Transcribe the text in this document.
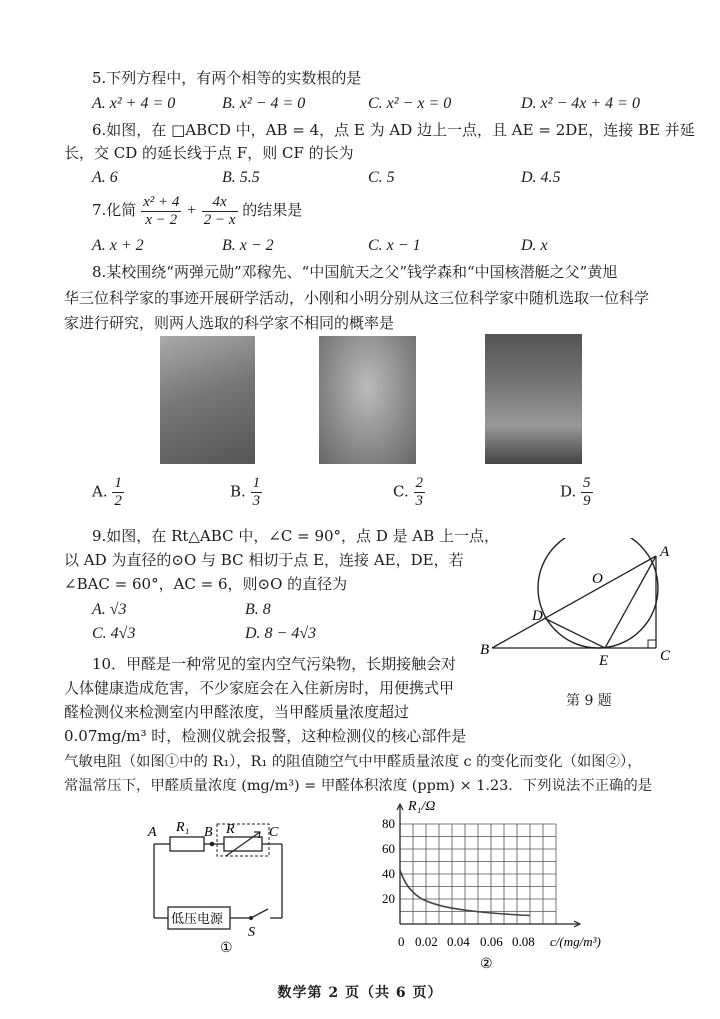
5.下列方程中，有两个相等的实数根的是
A. x² + 4 = 0	B. x² − 4 = 0	C. x² − x = 0	D. x² − 4x + 4 = 0
6.如图，在 □ABCD 中，AB = 4，点 E 为 AD 边上一点，且 AE = 2DE，连接 BE 并延
长，交 CD 的延长线于点 F，则 CF 的长为
A. 6	B. 5.5	C. 5	D. 4.5
7.化简 $\frac{\text{x² + 4}}{x - 2} + \frac{4x}{2 - x}$ 的结果是
A. x + 2	B. x − 2	C. x − 1	D. x
8.某校围绕“两弹元勋”邓稼先、“中国航天之父”钱学森和“中国核潜艇之父”黄旭
华三位科学家的事迹开展研学活动，小刚和小明分别从这三位科学家中随机选取一位科学
家进行研究，则两人选取的科学家不相同的概率是
A. $\frac{1}{2}$	B. $\frac{1}{3}$	C. $\frac{2}{3}$	D. $\frac{5}{9}$
9.如图，在 Rt△ABC 中，∠C = 90°，点 D 是 AB 上一点，
以 AD 为直径的⊙O 与 BC 相切于点 E，连接 AE，DE，若
∠BAC = 60°，AC = 6，则⊙O 的直径为
A. √3	B. 8
C. 4√3	D. 8 − 4√3
A
B	C
D
E
O
第 9 题
10．甲醛是一种常见的室内空气污染物，长期接触会对
人体健康造成危害，不少家庭会在入住新房时，用便携式甲
醛检测仪来检测室内甲醛浓度，当甲醛质量浓度超过
0.07mg/m³ 时，检测仪就会报警，这种检测仪的核心部件是
气敏电阻（如图①中的 R₁），R₁ 的阻值随空气中甲醛质量浓度 c 的变化而变化（如图②），
常温常压下，甲醛质量浓度 (mg/m³) = 甲醛体积浓度 (ppm) × 1.23．下列说法不正确的是
A R₁ B R C
低压电源
S
①
R₁/Ω
80
60
40
20
0 0.02 0.04 0.06 0.08 c/(mg/m³)
②
数学第 2 页（共 6 页）
